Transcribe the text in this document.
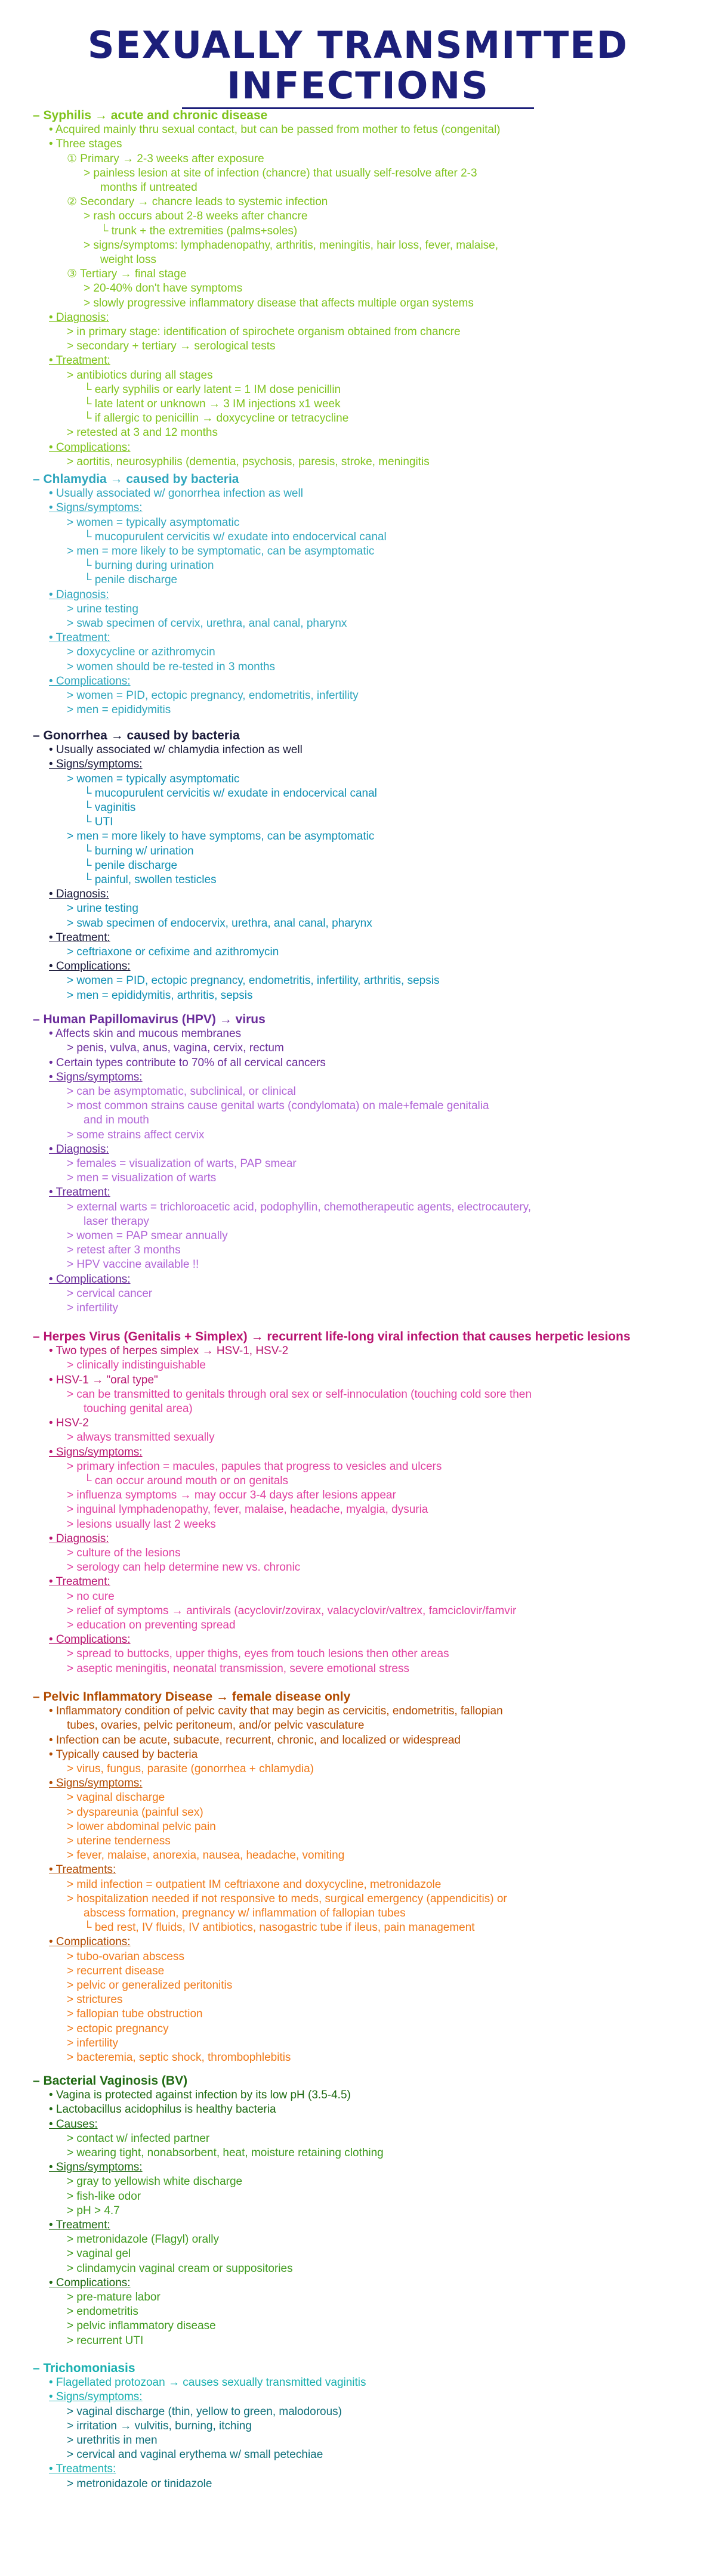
SEXUALLY TRANSMITTED
INFECTIONS
– Syphilis → acute and chronic disease
• Acquired mainly thru sexual contact, but can be passed from mother to fetus (congenital)
• Three stages
① Primary → 2-3 weeks after exposure
> painless lesion at site of infection (chancre) that usually self-resolve after 2-3
months if untreated
② Secondary → chancre leads to systemic infection
> rash occurs about 2-8 weeks after chancre
└ trunk + the extremities (palms+soles)
> signs/symptoms: lymphadenopathy, arthritis, meningitis, hair loss, fever, malaise,
weight loss
③ Tertiary → final stage
> 20-40% don't have symptoms
> slowly progressive inflammatory disease that affects multiple organ systems
• Diagnosis:
> in primary stage: identification of spirochete organism obtained from chancre
> secondary + tertiary → serological tests
• Treatment:
> antibiotics during all stages
└ early syphilis or early latent = 1 IM dose penicillin
└ late latent or unknown → 3 IM injections x1 week
└ if allergic to penicillin → doxycycline or tetracycline
> retested at 3 and 12 months
• Complications:
> aortitis, neurosyphilis (dementia, psychosis, paresis, stroke, meningitis
– Chlamydia → caused by bacteria
• Usually associated w/ gonorrhea infection as well
• Signs/symptoms:
> women = typically asymptomatic
└ mucopurulent cervicitis w/ exudate into endocervical canal
> men = more likely to be symptomatic, can be asymptomatic
└ burning during urination
└ penile discharge
• Diagnosis:
> urine testing
> swab specimen of cervix, urethra, anal canal, pharynx
• Treatment:
> doxycycline or azithromycin
> women should be re-tested in 3 months
• Complications:
> women = PID, ectopic pregnancy, endometritis, infertility
> men = epididymitis
– Gonorrhea → caused by bacteria
• Usually associated w/ chlamydia infection as well
• Signs/symptoms:
> women = typically asymptomatic
└ mucopurulent cervicitis w/ exudate in endocervical canal
└ vaginitis
└ UTI
> men = more likely to have symptoms, can be asymptomatic
└ burning w/ urination
└ penile discharge
└ painful, swollen testicles
• Diagnosis:
> urine testing
> swab specimen of endocervix, urethra, anal canal, pharynx
• Treatment:
> ceftriaxone or cefixime and azithromycin
• Complications:
> women = PID, ectopic pregnancy, endometritis, infertility, arthritis, sepsis
> men = epididymitis, arthritis, sepsis
– Human Papillomavirus (HPV) → virus
• Affects skin and mucous membranes
> penis, vulva, anus, vagina, cervix, rectum
• Certain types contribute to 70% of all cervical cancers
• Signs/symptoms:
> can be asymptomatic, subclinical, or clinical
> most common strains cause genital warts (condylomata) on male+female genitalia
and in mouth
> some strains affect cervix
• Diagnosis:
> females = visualization of warts, PAP smear
> men = visualization of warts
• Treatment:
> external warts = trichloroacetic acid, podophyllin, chemotherapeutic agents, electrocautery,
laser therapy
> women = PAP smear annually
> retest after 3 months
> HPV vaccine available !!
• Complications:
> cervical cancer
> infertility
– Herpes Virus (Genitalis + Simplex) → recurrent life-long viral infection that causes herpetic lesions
• Two types of herpes simplex → HSV-1, HSV-2
> clinically indistinguishable
• HSV-1 → "oral type"
> can be transmitted to genitals through oral sex or self-innoculation (touching cold sore then
touching genital area)
• HSV-2
> always transmitted sexually
• Signs/symptoms:
> primary infection = macules, papules that progress to vesicles and ulcers
└ can occur around mouth or on genitals
> influenza symptoms → may occur 3-4 days after lesions appear
> inguinal lymphadenopathy, fever, malaise, headache, myalgia, dysuria
> lesions usually last 2 weeks
• Diagnosis:
> culture of the lesions
> serology can help determine new vs. chronic
• Treatment:
> no cure
> relief of symptoms → antivirals (acyclovir/zovirax, valacyclovir/valtrex, famciclovir/famvir
> education on preventing spread
• Complications:
> spread to buttocks, upper thighs, eyes from touch lesions then other areas
> aseptic meningitis, neonatal transmission, severe emotional stress
– Pelvic Inflammatory Disease → female disease only
• Inflammatory condition of pelvic cavity that may begin as cervicitis, endometritis, fallopian
tubes, ovaries, pelvic peritoneum, and/or pelvic vasculature
• Infection can be acute, subacute, recurrent, chronic, and localized or widespread
• Typically caused by bacteria
> virus, fungus, parasite (gonorrhea + chlamydia)
• Signs/symptoms:
> vaginal discharge
> dyspareunia (painful sex)
> lower abdominal pelvic pain
> uterine tenderness
> fever, malaise, anorexia, nausea, headache, vomiting
• Treatments:
> mild infection = outpatient IM ceftriaxone and doxycycline, metronidazole
> hospitalization needed if not responsive to meds, surgical emergency (appendicitis) or
abscess formation, pregnancy w/ inflammation of fallopian tubes
└ bed rest, IV fluids, IV antibiotics, nasogastric tube if ileus, pain management
• Complications:
> tubo-ovarian abscess
> recurrent disease
> pelvic or generalized peritonitis
> strictures
> fallopian tube obstruction
> ectopic pregnancy
> infertility
> bacteremia, septic shock, thrombophlebitis
– Bacterial Vaginosis (BV)
• Vagina is protected against infection by its low pH (3.5-4.5)
• Lactobacillus acidophilus is healthy bacteria
• Causes:
> contact w/ infected partner
> wearing tight, nonabsorbent, heat, moisture retaining clothing
• Signs/symptoms:
> gray to yellowish white discharge
> fish-like odor
> pH > 4.7
• Treatment:
> metronidazole (Flagyl) orally
> vaginal gel
> clindamycin vaginal cream or suppositories
• Complications:
> pre-mature labor
> endometritis
> pelvic inflammatory disease
> recurrent UTI
– Trichomoniasis
• Flagellated protozoan → causes sexually transmitted vaginitis
• Signs/symptoms:
> vaginal discharge (thin, yellow to green, malodorous)
> irritation → vulvitis, burning, itching
> urethritis in men
> cervical and vaginal erythema w/ small petechiae
• Treatments:
> metronidazole or tinidazole
